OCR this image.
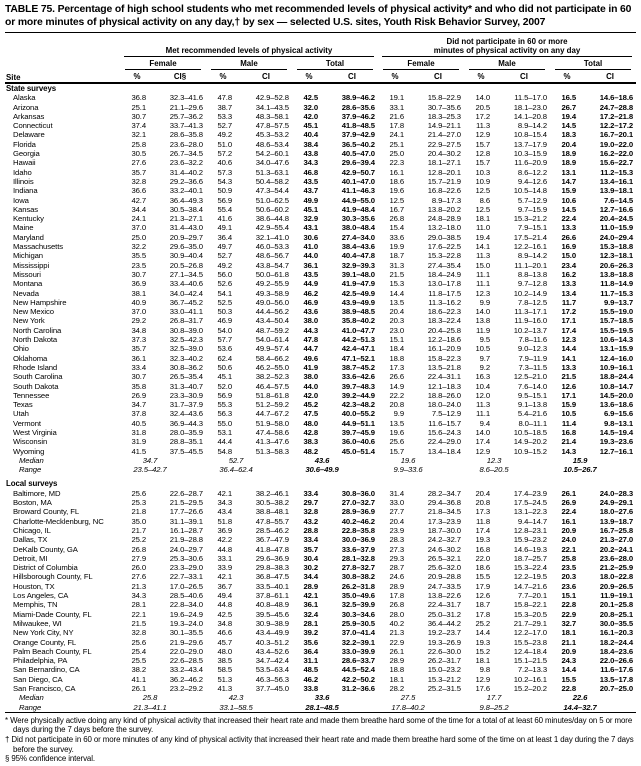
TABLE 75. Percentage of high school students who met recommended levels of physical activity* and who did not participate in 60 or more minutes of physical activity on any day,† by sex — selected U.S. sites, Youth Risk Behavior Survey, 2007

	Met recommended levels of physical activity						Did not participate in 60 or more
minutes of physical activity on any day					

	Female		Male		Total		Female		Male		Total	

Site	%	CI§	%	CI	%	CI	%	CI	%	CI	%	CI
State surveys												
Alaska	36.8	32.3–41.6	47.8	42.9–52.8	42.5	38.9–46.2	19.1	15.8–22.9	14.0	11.5–17.0	16.5	14.6–18.6
Arizona	25.1	21.1–29.6	38.7	34.1–43.5	32.0	28.6–35.6	33.1	30.7–35.6	20.5	18.1–23.0	26.7	24.7–28.8
Arkansas	30.7	25.7–36.2	53.3	48.3–58.1	42.0	37.9–46.2	21.6	18.3–25.3	17.2	14.1–20.8	19.4	17.2–21.8
Connecticut	37.4	33.7–41.3	52.7	47.8–57.5	45.1	41.8–48.5	17.8	14.9–21.1	11.3	8.9–14.2	14.5	12.2–17.2
Delaware	32.1	28.6–35.8	49.2	45.3–53.2	40.4	37.9–42.9	24.1	21.4–27.0	12.9	10.8–15.4	18.3	16.7–20.1
Florida	25.8	23.6–28.0	51.0	48.6–53.4	38.4	36.5–40.2	25.1	22.9–27.5	15.7	13.7–17.9	20.4	19.0–22.0
Georgia	30.5	26.7–34.5	57.2	54.2–60.1	43.8	40.5–47.0	25.0	20.4–30.2	12.8	10.3–15.9	18.9	16.2–22.0
Hawaii	27.6	23.6–32.2	40.6	34.0–47.6	34.3	29.6–39.4	22.3	18.1–27.1	15.7	11.6–20.9	18.9	15.6–22.7
Idaho	35.7	31.4–40.2	57.3	51.3–63.1	46.8	42.9–50.7	16.1	12.8–20.1	10.3	8.6–12.2	13.1	11.2–15.3
Illinois	32.8	29.2–36.6	54.3	50.4–58.2	43.5	40.1–47.0	18.6	15.7–21.9	10.9	9.4–12.6	14.7	13.4–16.1
Indiana	36.6	33.2–40.1	50.9	47.3–54.4	43.7	41.1–46.3	19.6	16.8–22.6	12.5	10.5–14.8	15.9	13.9–18.1
Iowa	42.7	36.4–49.3	56.9	51.0–62.5	49.9	44.9–55.0	12.5	8.9–17.3	8.6	5.7–12.9	10.6	7.6–14.5
Kansas	34.4	30.5–38.4	55.4	50.6–60.2	45.1	41.9–48.4	16.7	13.8–20.2	12.5	9.7–15.9	14.5	12.7–16.6
Kentucky	24.1	21.3–27.1	41.6	38.6–44.8	32.9	30.3–35.6	26.8	24.8–28.9	18.1	15.3–21.2	22.4	20.4–24.5
Maine	37.0	31.4–43.0	49.1	42.9–55.4	43.1	38.0–48.4	15.4	13.2–18.0	11.0	7.9–15.1	13.3	11.0–15.9
Maryland	25.0	20.9–29.7	36.4	32.1–41.0	30.6	27.4–34.0	33.6	29.0–38.5	19.4	17.5–21.4	26.6	24.0–29.4
Massachusetts	32.2	29.6–35.0	49.7	46.0–53.3	41.0	38.4–43.6	19.9	17.6–22.5	14.1	12.2–16.1	16.9	15.3–18.8
Michigan	35.5	30.9–40.4	52.7	48.6–56.7	44.0	40.4–47.8	18.7	15.3–22.8	11.3	8.9–14.2	15.0	12.3–18.1
Mississippi	23.5	20.5–26.8	49.2	43.8–54.7	36.1	32.9–39.3	31.3	27.4–35.4	15.0	11.1–20.1	23.4	20.6–26.3
Missouri	30.7	27.1–34.5	56.0	50.0–61.8	43.5	39.1–48.0	21.5	18.4–24.9	11.1	8.8–13.8	16.2	13.8–18.8
Montana	36.9	33.4–40.6	52.6	49.2–55.9	44.9	41.9–47.9	15.3	13.0–17.8	11.1	9.7–12.8	13.3	11.8–14.9
Nevada	38.1	34.0–42.4	54.1	49.3–58.9	46.2	42.5–49.9	14.4	11.8–17.5	12.3	10.2–14.9	13.4	11.7–15.3
New Hampshire	40.9	36.7–45.2	52.5	49.0–56.0	46.9	43.9–49.9	13.5	11.3–16.2	9.9	7.8–12.5	11.7	9.9–13.7
New Mexico	37.0	33.0–41.1	50.3	44.4–56.2	43.6	38.9–48.5	20.4	18.6–22.3	14.0	11.3–17.1	17.2	15.5–19.0
New York	29.2	26.8–31.7	46.9	43.4–50.4	38.0	35.8–40.2	20.3	18.3–22.4	13.8	11.9–16.0	17.1	15.7–18.5
North Carolina	34.8	30.8–39.0	54.0	48.7–59.2	44.3	41.0–47.7	23.0	20.4–25.8	11.9	10.2–13.7	17.4	15.5–19.5
North Dakota	37.3	32.5–42.3	57.7	54.0–61.4	47.8	44.2–51.3	15.1	12.2–18.6	9.5	7.8–11.6	12.3	10.6–14.3
Ohio	35.7	32.5–39.0	53.6	49.9–57.4	44.7	42.4–47.1	18.4	16.1–20.9	10.5	9.0–12.3	14.4	13.1–15.9
Oklahoma	36.1	32.3–40.2	62.4	58.4–66.2	49.6	47.1–52.1	18.8	15.8–22.3	9.7	7.9–11.9	14.1	12.4–16.0
Rhode Island	33.4	30.8–36.2	50.6	46.2–55.0	41.9	38.7–45.2	17.3	13.5–21.8	9.2	7.3–11.5	13.3	10.9–16.1
South Carolina	30.7	26.5–35.4	45.1	38.2–52.3	38.0	33.6–42.6	26.6	22.4–31.1	16.3	12.5–21.0	21.5	18.8–24.4
South Dakota	35.8	31.3–40.7	52.0	46.4–57.5	44.0	39.7–48.3	14.9	12.1–18.3	10.4	7.6–14.0	12.6	10.8–14.7
Tennessee	26.9	23.3–30.9	56.9	51.8–61.8	42.0	39.2–44.9	22.2	18.8–26.0	12.0	9.5–15.1	17.1	14.5–20.0
Texas	34.7	31.7–37.9	55.3	51.2–59.2	45.2	42.3–48.2	20.8	18.0–24.0	11.3	9.1–13.8	15.9	13.6–18.6
Utah	37.8	32.4–43.6	56.3	44.7–67.2	47.5	40.0–55.2	9.9	7.5–12.9	11.1	5.4–21.6	10.5	6.9–15.6
Vermont	40.5	36.9–44.3	55.0	51.9–58.0	48.0	44.9–51.1	13.5	11.6–15.7	9.4	8.0–11.1	11.4	9.8–13.1
West Virginia	31.8	28.0–35.9	53.1	47.4–58.6	42.8	39.7–45.9	19.6	15.6–24.3	14.0	10.5–18.5	16.8	14.5–19.4
Wisconsin	31.9	28.8–35.1	44.4	41.3–47.6	38.3	36.0–40.6	25.6	22.4–29.0	17.4	14.9–20.2	21.4	19.3–23.6
Wyoming	41.5	37.5–45.5	54.8	51.3–58.3	48.2	45.0–51.4	15.7	13.4–18.4	12.9	10.9–15.2	14.3	12.7–16.1
Median	34.7		52.7		43.6		19.6		12.3		15.9	
Range	23.5–42.7		36.4–62.4		30.6–49.9		9.9–33.6		8.6–20.5		10.5–26.7	
Local surveys												
Baltimore, MD	25.6	22.6–28.7	42.1	38.2–46.1	33.4	30.8–36.0	31.4	28.2–34.7	20.4	17.4–23.9	26.1	24.0–28.3
Boston, MA	25.3	21.5–29.5	34.3	30.5–38.2	29.7	27.0–32.7	33.0	29.4–36.8	20.8	17.5–24.5	26.9	24.9–29.1
Broward County, FL	21.8	17.7–26.6	43.4	38.8–48.1	32.8	28.9–36.9	27.7	21.8–34.5	17.3	13.1–22.3	22.4	18.0–27.6
Charlotte-Mecklenburg, NC	35.0	31.1–39.1	51.8	47.8–55.7	43.2	40.2–46.2	20.4	17.3–23.9	11.8	9.4–14.7	16.1	13.9–18.7
Chicago, IL	21.7	16.1–28.7	36.9	28.5–46.2	28.8	22.8–35.8	23.9	18.7–30.0	17.4	12.8–23.1	20.9	16.7–25.8
Dallas, TX	25.2	21.9–28.8	42.2	36.7–47.9	33.4	30.0–36.9	28.3	24.2–32.7	19.3	15.9–23.2	24.0	21.3–27.0
DeKalb County, GA	26.8	24.0–29.7	44.8	41.8–47.8	35.7	33.6–37.9	27.3	24.6–30.2	16.8	14.6–19.3	22.1	20.2–24.1
Detroit, MI	27.9	25.3–30.6	33.1	29.6–36.9	30.4	28.1–32.8	29.3	26.5–32.1	22.0	18.7–25.7	25.8	23.6–28.0
District of Columbia	26.0	23.3–29.0	33.9	29.8–38.3	30.2	27.8–32.7	28.7	25.6–32.0	18.6	15.3–22.4	23.5	21.2–25.9
Hillsborough County, FL	27.6	22.7–33.1	42.1	36.8–47.5	34.4	30.8–38.2	24.6	20.9–28.8	15.5	12.2–19.5	20.3	18.0–22.8
Houston, TX	21.3	17.0–26.5	36.7	33.5–40.1	28.9	26.2–31.8	28.9	24.7–33.5	17.9	14.7–21.6	23.6	20.9–26.5
Los Angeles, CA	34.3	28.5–40.6	49.4	37.8–61.1	42.1	35.0–49.6	17.8	13.8–22.6	12.6	7.7–20.1	15.1	11.9–19.1
Memphis, TN	28.1	22.8–34.0	44.8	40.8–48.9	36.1	32.5–39.9	26.8	22.4–31.7	18.7	15.8–22.1	22.8	20.1–25.8
Miami-Dade County, FL	22.1	19.6–24.9	42.5	39.5–45.6	32.4	30.3–34.6	28.0	25.0–31.2	17.8	15.3–20.5	22.9	20.8–25.1
Milwaukee, WI	21.5	19.3–24.0	34.8	30.9–38.9	28.1	25.9–30.5	40.2	36.4–44.2	25.2	21.7–29.1	32.7	30.0–35.5
New York City, NY	32.8	30.1–35.5	46.6	43.4–49.9	39.2	37.0–41.4	21.3	19.2–23.7	14.4	12.2–17.0	18.1	16.1–20.3
Orange County, FL	25.6	21.9–29.6	45.7	40.3–51.2	35.6	32.2–39.1	22.9	19.3–26.9	19.3	15.5–23.8	21.1	18.2–24.4
Palm Beach County, FL	25.4	22.0–29.0	48.0	43.4–52.6	36.4	33.0–39.9	26.1	22.6–30.0	15.2	12.4–18.4	20.9	18.4–23.6
Philadelphia, PA	25.5	22.6–28.5	38.5	34.7–42.4	31.1	28.6–33.7	28.9	26.2–31.7	18.1	15.1–21.5	24.3	22.0–26.6
San Bernardino, CA	38.2	33.2–43.4	58.5	53.5–63.4	48.5	44.5–52.4	18.8	15.0–23.2	9.8	7.2–13.3	14.4	11.6–17.6
San Diego, CA	41.1	36.2–46.2	51.3	46.3–56.3	46.2	42.2–50.2	18.1	15.3–21.2	12.9	10.2–16.1	15.5	13.5–17.8
San Francisco, CA	26.1	23.2–29.2	41.3	37.7–45.0	33.8	31.2–36.6	28.2	25.2–31.5	17.6	15.2–20.2	22.8	20.7–25.0
Median	25.8		42.3		33.6		27.5		17.7		22.6	
Range	21.3–41.1		33.1–58.5		28.1–48.5		17.8–40.2		9.8–25.2		14.4–32.7	
* Were physically active doing any kind of physical activity that increased their heart rate and made them breathe hard some of the time for a total of at least 60 minutes/day on 5 or more days during the 7 days before the survey.
† Did not participate in 60 or more minutes of any kind of physical activity that increased their heart rate and made them breathe hard some of the time on at least 1 day during the 7 days before the survey.
§ 95% confidence interval.
